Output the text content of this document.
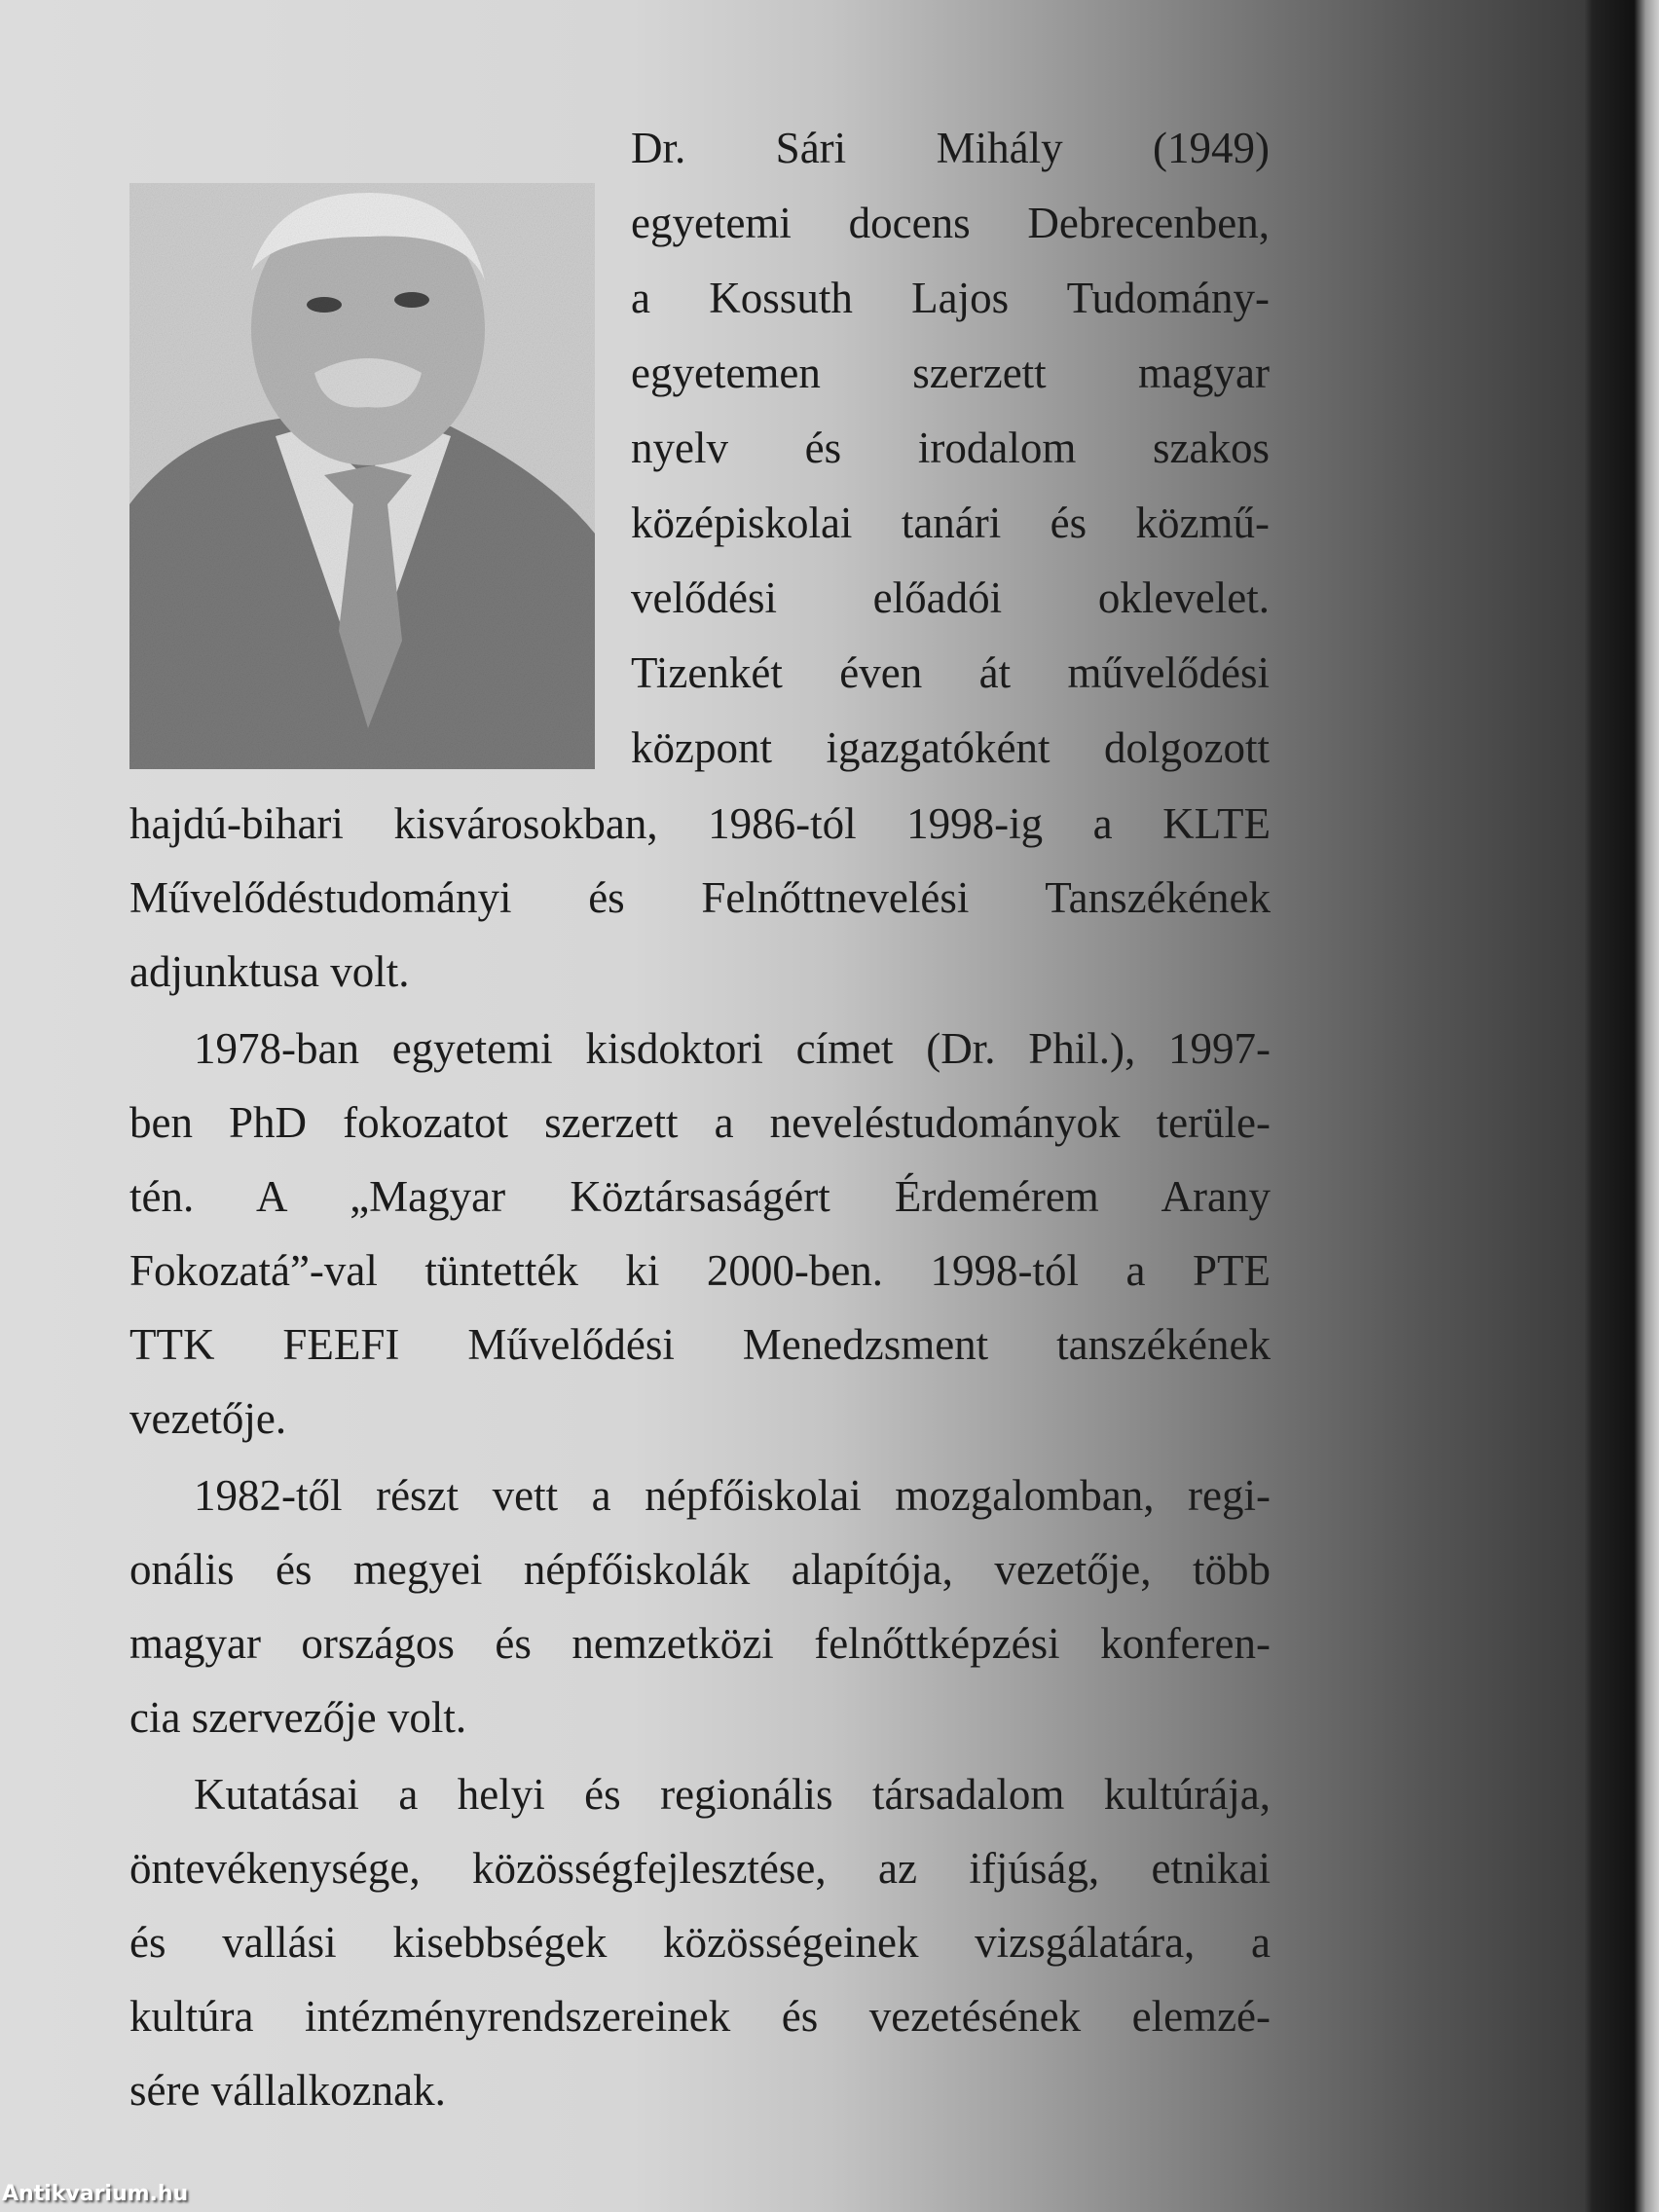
Dr. Sári Mihály (1949)
egyetemi docens Debrecenben,
a Kossuth Lajos Tudomány-
egyetemen szerzett magyar
nyelv és irodalom szakos
középiskolai tanári és közmű-
velődési előadói oklevelet.
Tizenkét éven át művelődési
központ igazgatóként dolgozott
hajdú-bihari kisvárosokban, 1986-tól 1998-ig a KLTE
Művelődéstudományi és Felnőttnevelési Tanszékének
adjunktusa volt.
1978-ban egyetemi kisdoktori címet (Dr. Phil.), 1997-
ben PhD fokozatot szerzett a neveléstudományok terüle-
tén. A „Magyar Köztársaságért Érdemérem Arany
Fokozatá”-val tüntették ki 2000-ben. 1998-tól a PTE
TTK FEEFI Művelődési Menedzsment tanszékének
vezetője.
1982-től részt vett a népfőiskolai mozgalomban, regi-
onális és megyei népfőiskolák alapítója, vezetője, több
magyar országos és nemzetközi felnőttképzési konferen-
cia szervezője volt.
Kutatásai a helyi és regionális társadalom kultúrája,
öntevékenysége, közösségfejlesztése, az ifjúság, etnikai
és vallási kisebbségek közösségeinek vizsgálatára, a
kultúra intézményrendszereinek és vezetésének elemzé-
sére vállalkoznak.
Antikvarium.hu
